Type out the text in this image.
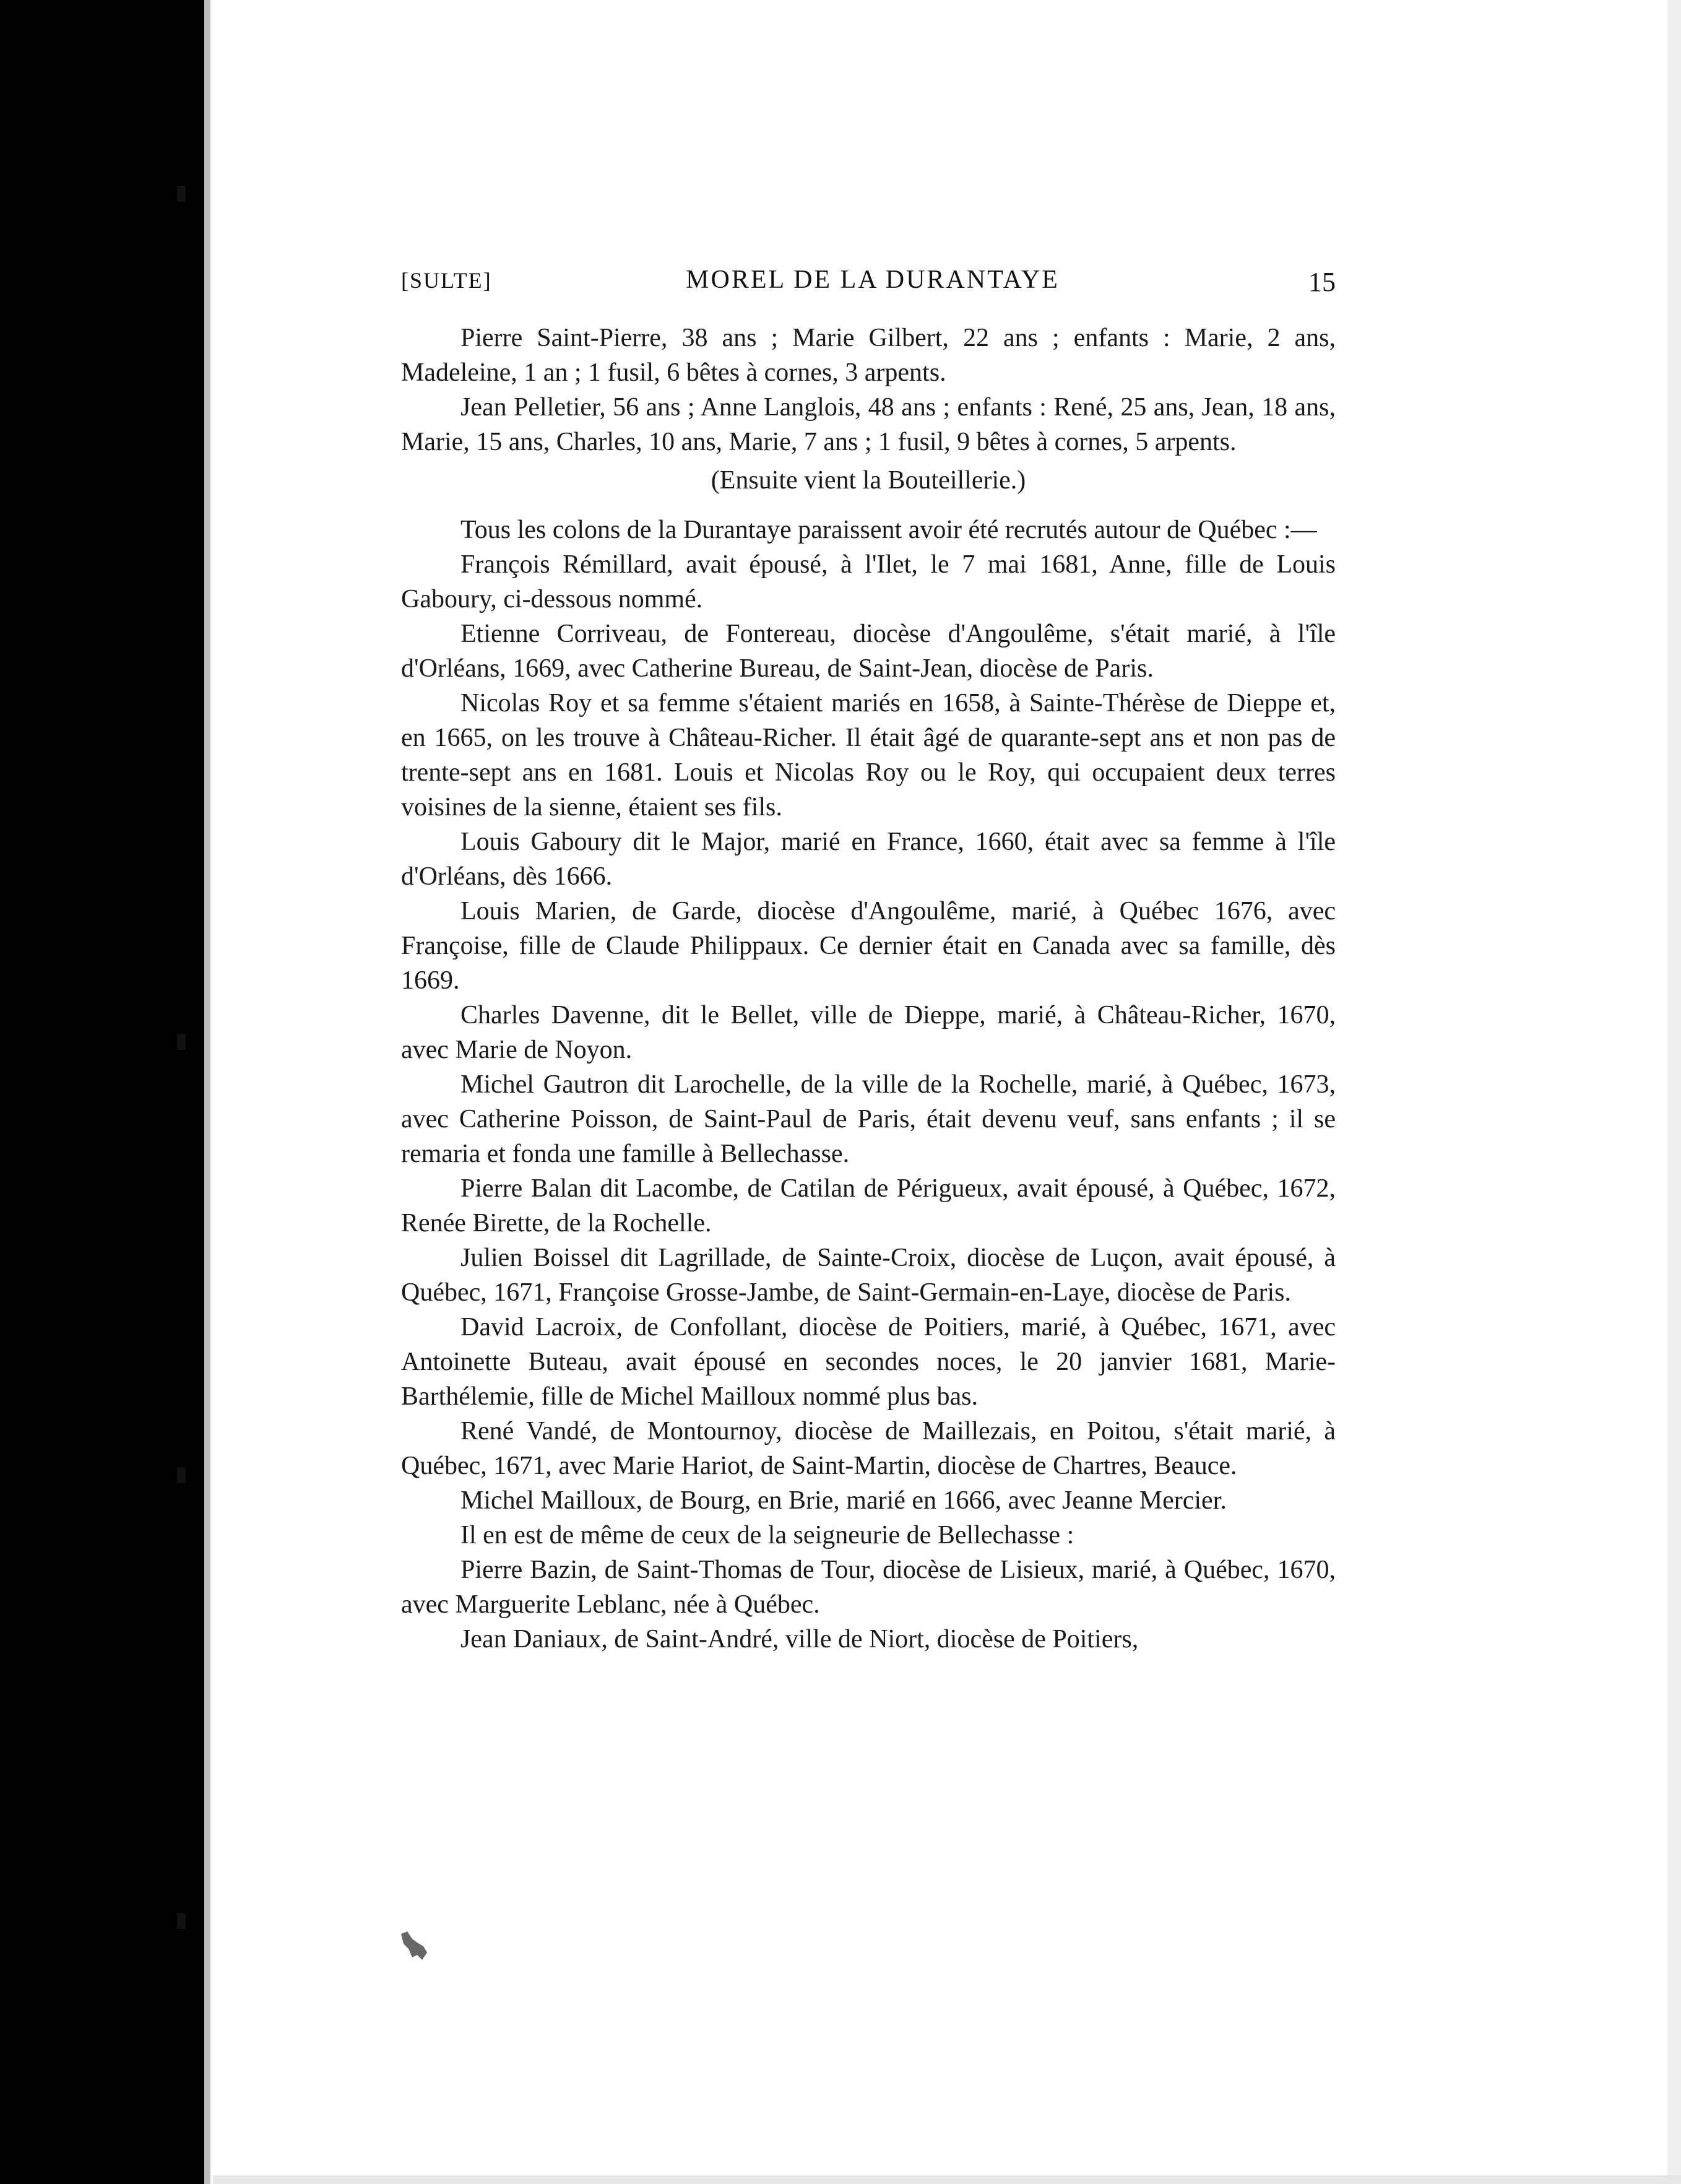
[SULTE]	MOREL DE LA DURANTAYE	15

Pierre Saint-Pierre, 38 ans ; Marie Gilbert, 22 ans ; enfants : Marie, 2 ans, Madeleine, 1 an ; 1 fusil, 6 bêtes à cornes, 3 arpents.

Jean Pelletier, 56 ans ; Anne Langlois, 48 ans ; enfants : René, 25 ans, Jean, 18 ans, Marie, 15 ans, Charles, 10 ans, Marie, 7 ans ; 1 fusil, 9 bêtes à cornes, 5 arpents.

(Ensuite vient la Bouteillerie.)

Tous les colons de la Durantaye paraissent avoir été recrutés autour de Québec :—

François Rémillard, avait épousé, à l'Ilet, le 7 mai 1681, Anne, fille de Louis Gaboury, ci-dessous nommé.

Etienne Corriveau, de Fontereau, diocèse d'Angoulême, s'était marié, à l'île d'Orléans, 1669, avec Catherine Bureau, de Saint-Jean, diocèse de Paris.

Nicolas Roy et sa femme s'étaient mariés en 1658, à Sainte-Thérèse de Dieppe et, en 1665, on les trouve à Château-Richer. Il était âgé de quarante-sept ans et non pas de trente-sept ans en 1681. Louis et Nicolas Roy ou le Roy, qui occupaient deux terres voisines de la sienne, étaient ses fils.

Louis Gaboury dit le Major, marié en France, 1660, était avec sa femme à l'île d'Orléans, dès 1666.

Louis Marien, de Garde, diocèse d'Angoulême, marié, à Québec 1676, avec Françoise, fille de Claude Philippaux. Ce dernier était en Canada avec sa famille, dès 1669.

Charles Davenne, dit le Bellet, ville de Dieppe, marié, à Château-Richer, 1670, avec Marie de Noyon.

Michel Gautron dit Larochelle, de la ville de la Rochelle, marié, à Québec, 1673, avec Catherine Poisson, de Saint-Paul de Paris, était devenu veuf, sans enfants ; il se remaria et fonda une famille à Bellechasse.

Pierre Balan dit Lacombe, de Catilan de Périgueux, avait épousé, à Québec, 1672, Renée Birette, de la Rochelle.

Julien Boissel dit Lagrillade, de Sainte-Croix, diocèse de Luçon, avait épousé, à Québec, 1671, Françoise Grosse-Jambe, de Saint-Germain-en-Laye, diocèse de Paris.

David Lacroix, de Confollant, diocèse de Poitiers, marié, à Québec, 1671, avec Antoinette Buteau, avait épousé en secondes noces, le 20 janvier 1681, Marie-Barthélemie, fille de Michel Mailloux nommé plus bas.

René Vandé, de Montournoy, diocèse de Maillezais, en Poitou, s'était marié, à Québec, 1671, avec Marie Hariot, de Saint-Martin, diocèse de Chartres, Beauce.

Michel Mailloux, de Bourg, en Brie, marié en 1666, avec Jeanne Mercier.

Il en est de même de ceux de la seigneurie de Bellechasse :

Pierre Bazin, de Saint-Thomas de Tour, diocèse de Lisieux, marié, à Québec, 1670, avec Marguerite Leblanc, née à Québec.

Jean Daniaux, de Saint-André, ville de Niort, diocèse de Poitiers,
